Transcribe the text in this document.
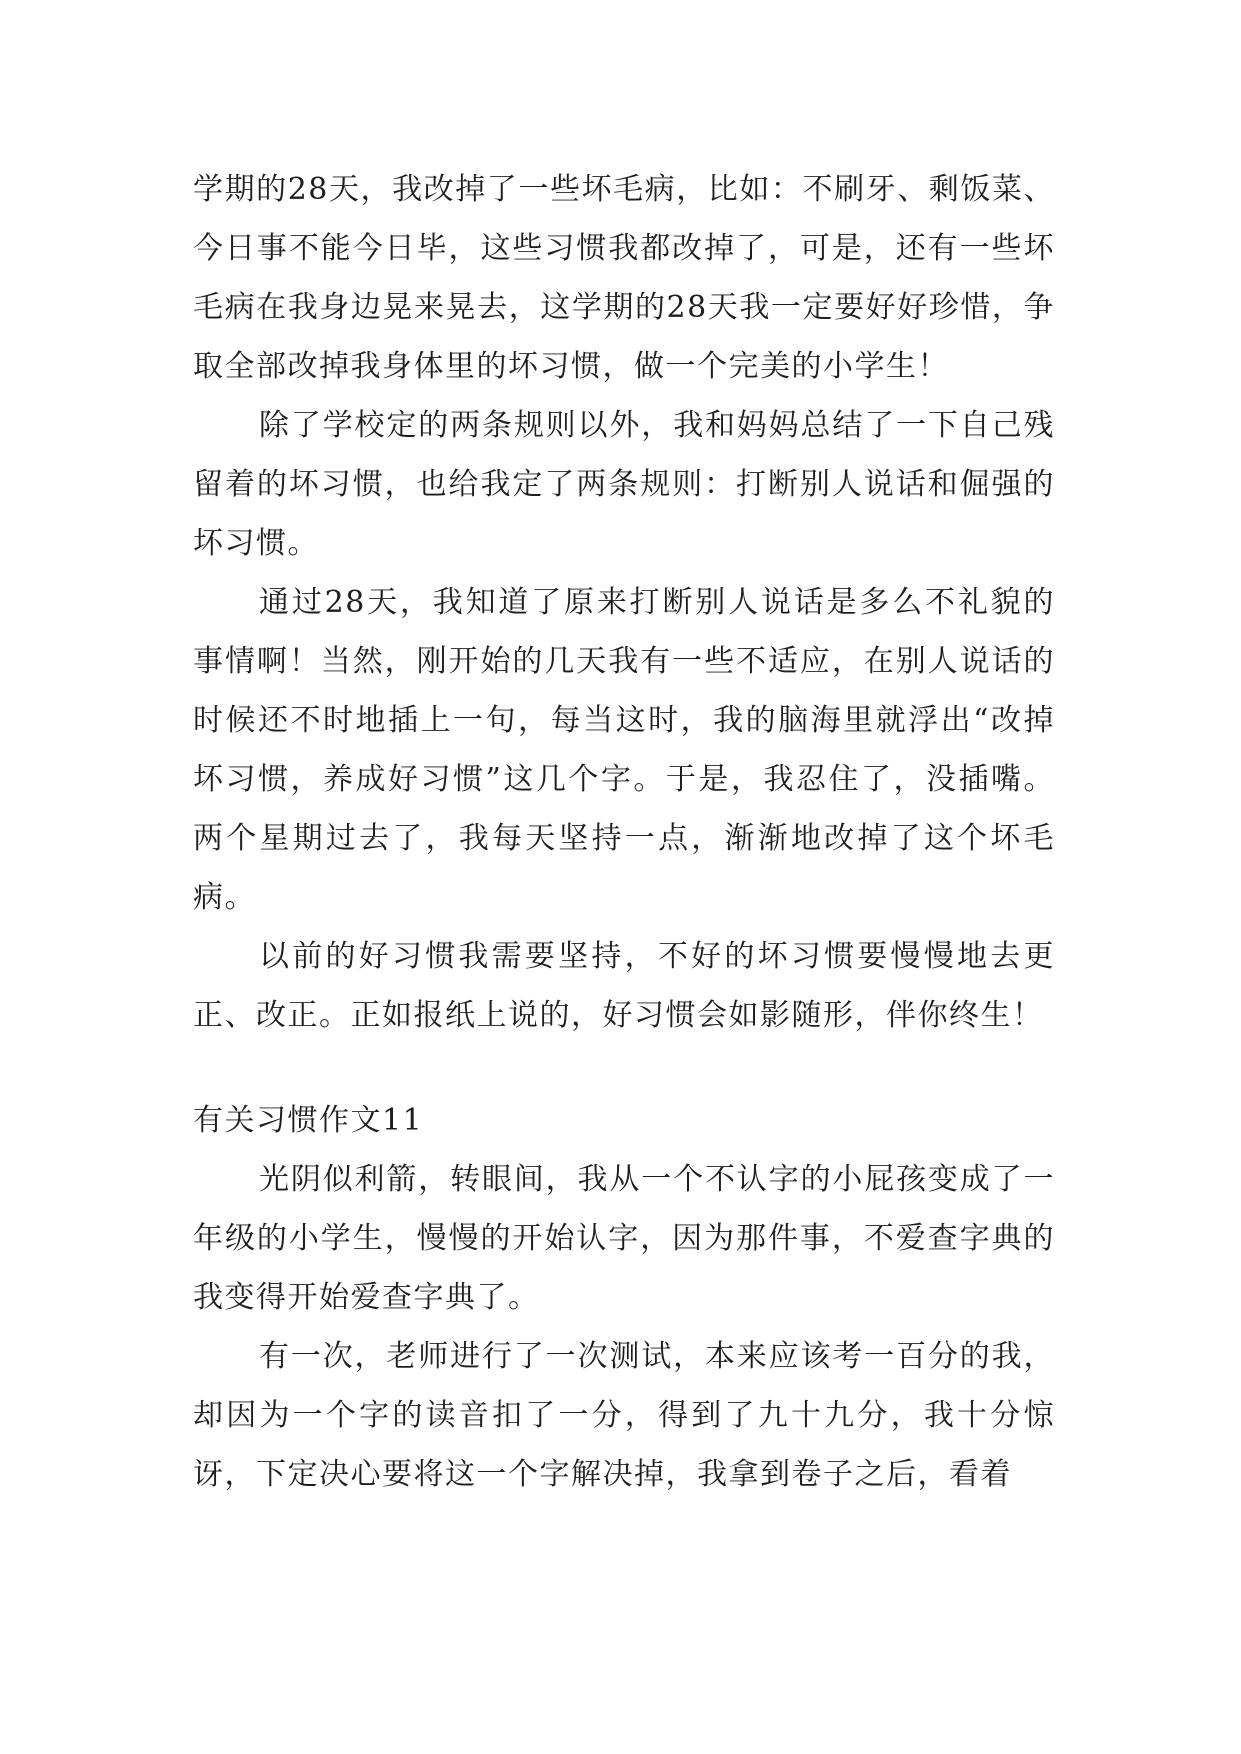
学期的28天，我改掉了一些坏毛病，比如：不刷牙、剩饭菜、今日事不能今日毕，这些习惯我都改掉了，可是，还有一些坏毛病在我身边晃来晃去，这学期的28天我一定要好好珍惜，争取全部改掉我身体里的坏习惯，做一个完美的小学生！

除了学校定的两条规则以外，我和妈妈总结了一下自己残留着的坏习惯，也给我定了两条规则：打断别人说话和倔强的坏习惯。

通过28天，我知道了原来打断别人说话是多么不礼貌的事情啊！当然，刚开始的几天我有一些不适应，在别人说话的时候还不时地插上一句，每当这时，我的脑海里就浮出“改掉坏习惯，养成好习惯”这几个字。于是，我忍住了，没插嘴。两个星期过去了，我每天坚持一点，渐渐地改掉了这个坏毛病。

以前的好习惯我需要坚持，不好的坏习惯要慢慢地去更正、改正。正如报纸上说的，好习惯会如影随形，伴你终生！

有关习惯作文11

光阴似利箭，转眼间，我从一个不认字的小屁孩变成了一年级的小学生，慢慢的开始认字，因为那件事，不爱查字典的我变得开始爱查字典了。

有一次，老师进行了一次测试，本来应该考一百分的我，却因为一个字的读音扣了一分，得到了九十九分，我十分惊讶，下定决心要将这一个字解决掉，我拿到卷子之后，看着
